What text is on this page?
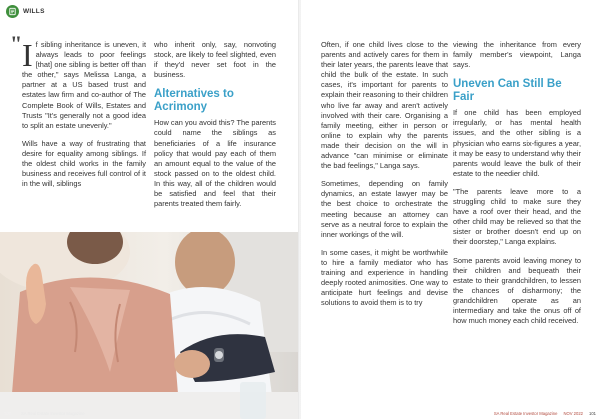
WILLS
" If sibling inheritance is uneven, it always leads to poor feelings [that] one sibling is better off than the other," says Melissa Langa, a partner at a US based trust and estates law firm and co-author of The Complete Book of Wills, Estates and Trusts "It's generally not a good idea to split an estate unevenly."

Wills have a way of frustrating that desire for equality among siblings. If the oldest child works in the family business and receives full control of it in the will, siblings

who inherit only, say, nonvoting stock, are likely to feel slighted, even if they'd never set foot in the business.

Alternatives to Acrimony

How can you avoid this? The parents could name the siblings as beneficiaries of a life insurance policy that would pay each of them an amount equal to the value of the stock passed on to the oldest child. In this way, all of the children would be satisfied and feel that their parents treated them fairly.

100 SA Real Estate Investor Magazine

Often, if one child lives close to the parents and actively cares for them in their later years, the parents leave that child the bulk of the estate. In such cases, it's important for parents to explain their reasoning to their children who live far away and aren't actively involved with their care. Organising a family meeting, either in person or online to explain why the parents made their decision on the will in advance "can minimise or eliminate the bad feelings," Langa says.

Sometimes, depending on family dynamics, an estate lawyer may be the best choice to orchestrate the meeting because an attorney can serve as a neutral force to explain the inner workings of the will.

In some cases, it might be worthwhile to hire a family mediator who has training and experience in handling deeply rooted animosities. One way to anticipate hurt feelings and devise solutions to avoid them is to try

viewing the inheritance from every family member's viewpoint, Langa says.

Uneven Can Still Be Fair

If one child has been employed irregularly, or has mental health issues, and the other sibling is a physician who earns six-figures a year, it may be easy to understand why their parents would leave the bulk of their estate to the needier child.

"The parents leave more to a struggling child to make sure they have a roof over their head, and the other child may be relieved so that the sister or brother doesn't end up on their doorstep," Langa explains.

Some parents avoid leaving money to their children and bequeath their estate to their grandchildren, to lessen the chances of disharmony; the grandchildren operate as an intermediary and take the onus off of how much money each child received.

SA Real Estate Investor Magazine NOV 2022 101
